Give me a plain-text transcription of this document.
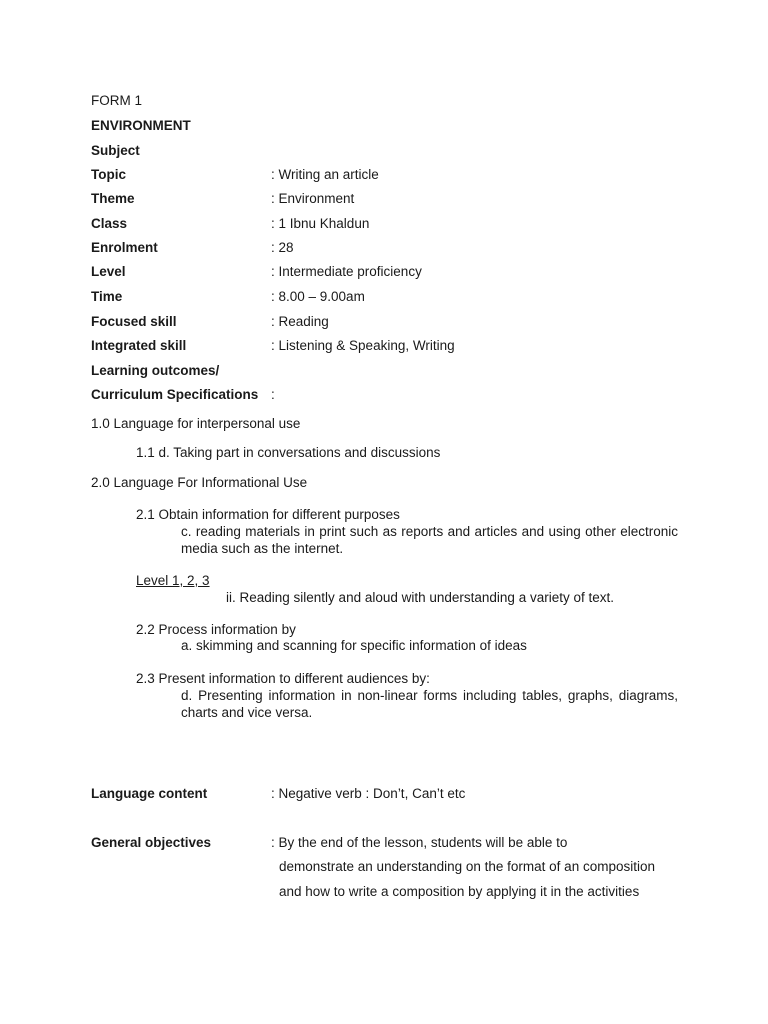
FORM 1
ENVIRONMENT
Subject
Topic	: Writing an article
Theme	: Environment
Class	: 1 Ibnu Khaldun
Enrolment	: 28
Level	: Intermediate proficiency
Time	: 8.00 – 9.00am
Focused skill	: Reading
Integrated skill	: Listening & Speaking, Writing
Learning outcomes/
Curriculum Specifications :
1.0 Language for interpersonal use
1.1 d. Taking part in conversations and discussions
2.0 Language For Informational Use
2.1 Obtain information for different purposes
c. reading materials in print such as reports and articles and using other electronic media such as the internet.
Level 1, 2, 3
ii. Reading silently and aloud with understanding a variety of text.
2.2 Process information by
a. skimming and scanning for specific information of ideas
2.3 Present information to different audiences by:
d. Presenting information in non-linear forms including tables, graphs, diagrams, charts and vice versa.
Language content	: Negative verb : Don’t, Can’t etc
General objectives	: By the end of the lesson, students will be able to
demonstrate an understanding on the format of an composition
and how to write a composition by applying it in the activities
